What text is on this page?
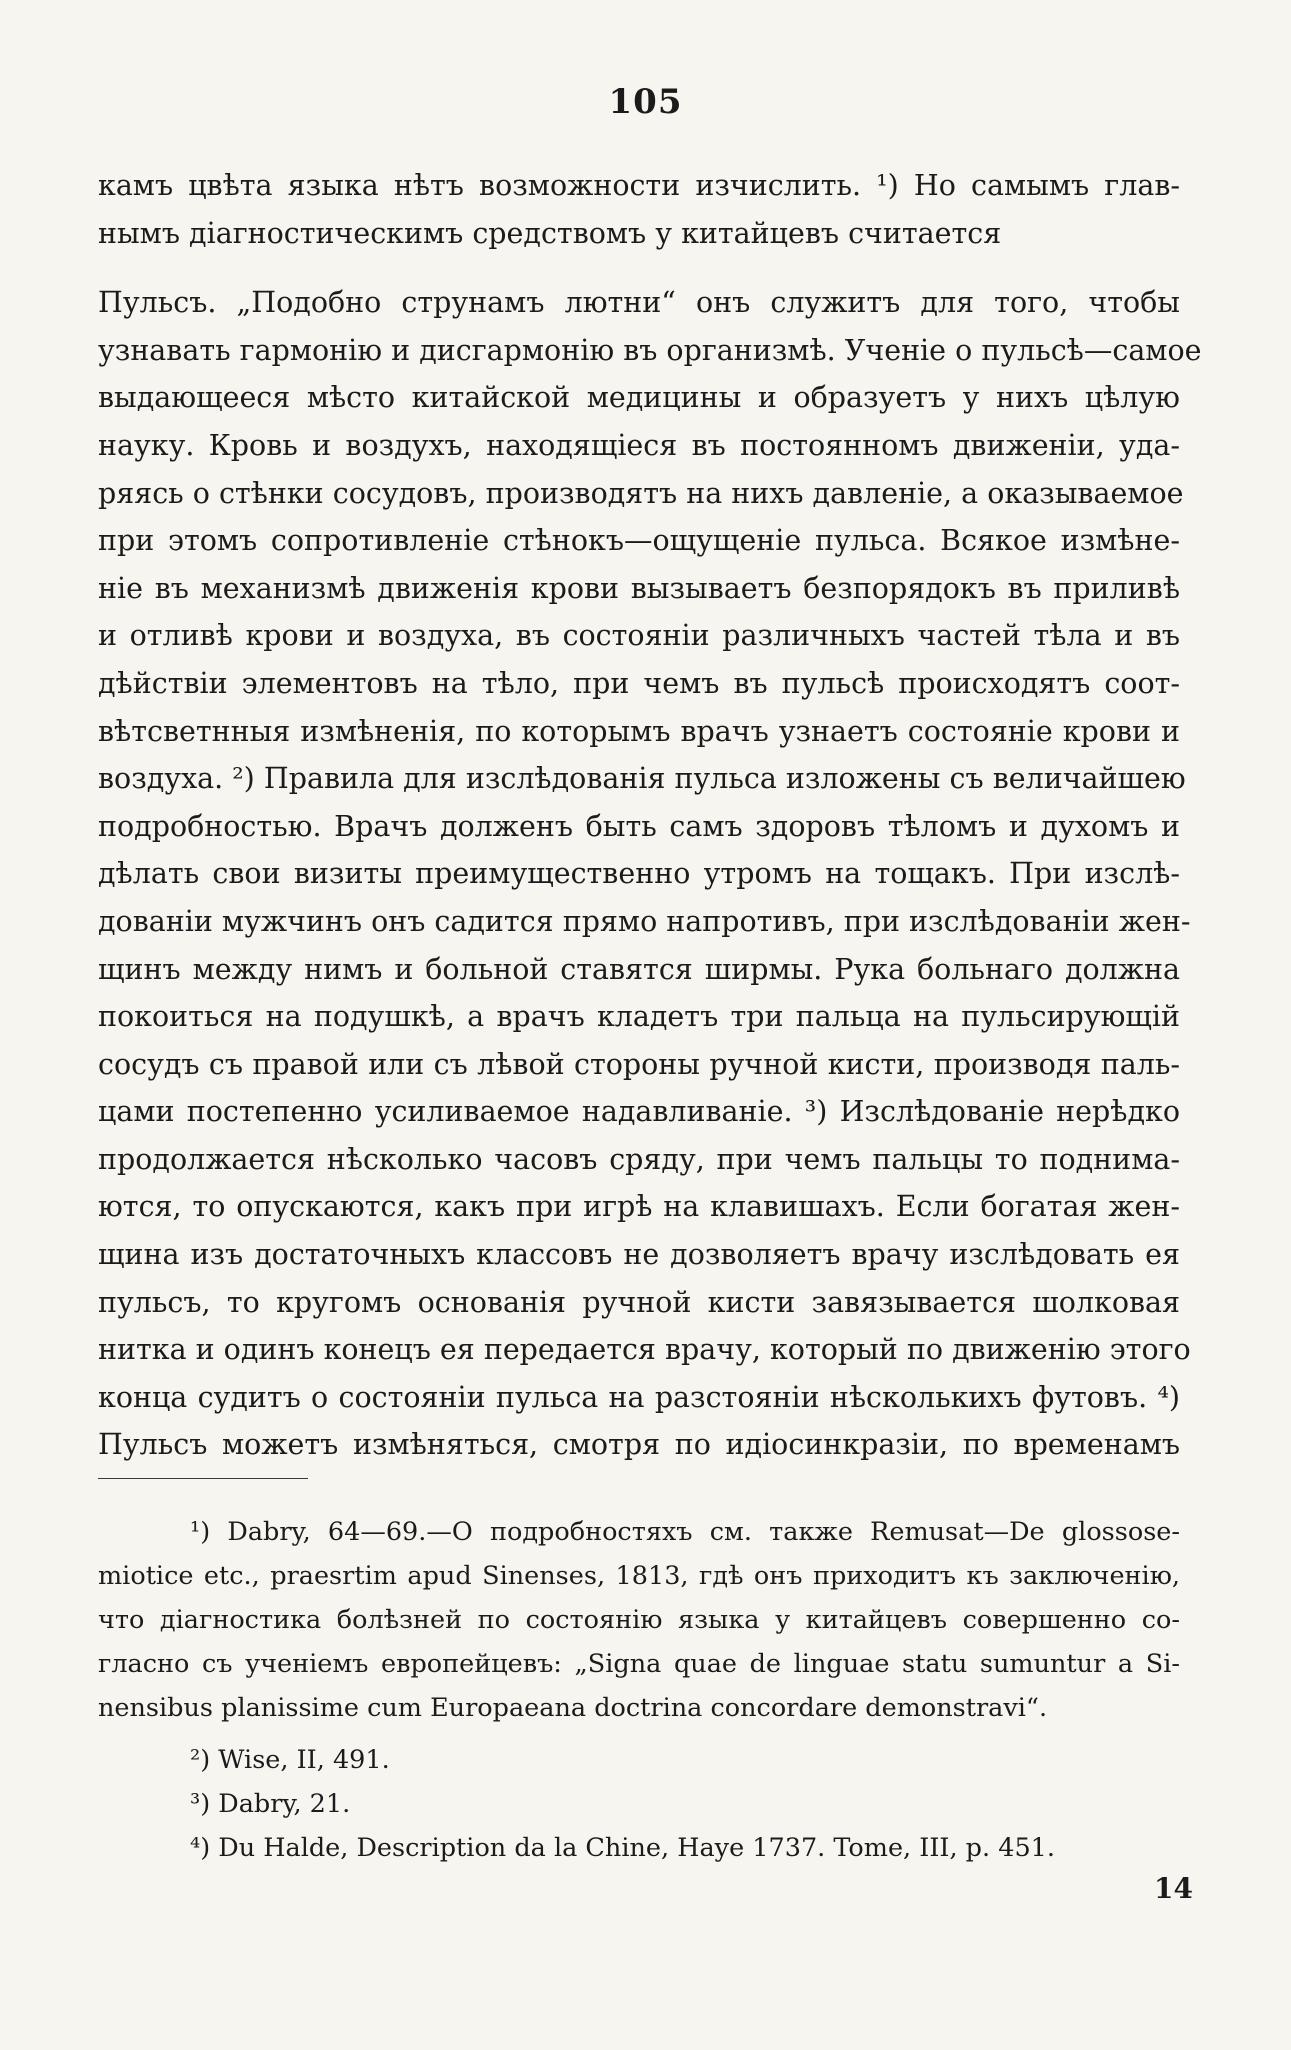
105
камъ цвѣта языка нѣтъ возможности изчислить. ¹) Но самымъ глав-
нымъ діагностическимъ средствомъ у китайцевъ считается
Пульсъ. „Подобно струнамъ лютни“ онъ служитъ для того, чтобы
узнавать гармонію и дисгармонію въ организмѣ. Ученіе о пульсѣ—самое
выдающееся мѣсто китайской медицины и образуетъ у нихъ цѣлую
науку. Кровь и воздухъ, находящіеся въ постоянномъ движеніи, уда-
ряясь о стѣнки сосудовъ, производятъ на нихъ давленіе, а оказываемое
при этомъ сопротивленіе стѣнокъ—ощущеніе пульса. Всякое измѣне-
ніе въ механизмѣ движенія крови вызываетъ безпорядокъ въ приливѣ
и отливѣ крови и воздуха, въ состояніи различныхъ частей тѣла и въ
дѣйствіи элементовъ на тѣло, при чемъ въ пульсѣ происходятъ соот-
вѣтсветнныя измѣненія, по которымъ врачъ узнаетъ состояніе крови и
воздуха. ²) Правила для изслѣдованія пульса изложены съ величайшею
подробностью. Врачъ долженъ быть самъ здоровъ тѣломъ и духомъ и
дѣлать свои визиты преимущественно утромъ на тощакъ. При изслѣ-
дованіи мужчинъ онъ садится прямо напротивъ, при изслѣдованіи жен-
щинъ между нимъ и больной ставятся ширмы. Рука больнаго должна
покоиться на подушкѣ, а врачъ кладетъ три пальца на пульсирующій
сосудъ съ правой или съ лѣвой стороны ручной кисти, производя паль-
цами постепенно усиливаемое надавливаніе. ³) Изслѣдованіе нерѣдко
продолжается нѣсколько часовъ сряду, при чемъ пальцы то поднима-
ются, то опускаются, какъ при игрѣ на клавишахъ. Если богатая жен-
щина изъ достаточныхъ классовъ не дозволяетъ врачу изслѣдовать ея
пульсъ, то кругомъ основанія ручной кисти завязывается шолковая
нитка и одинъ конецъ ея передается врачу, который по движенію этого
конца судитъ о состояніи пульса на разстояніи нѣсколькихъ футовъ. ⁴)
Пульсъ можетъ измѣняться, смотря по идіосинкразіи, по временамъ
¹) Dabry, 64—69.—О подробностяхъ см. также Remusat—De glossose-
miotice etc., praesrtim apud Sinenses, 1813, гдѣ онъ приходитъ къ заключенію,
что діагностика болѣзней по состоянію языка у китайцевъ совершенно со-
гласно съ ученіемъ европейцевъ: „Signa quae de linguae statu sumuntur a Si-
nensibus planissime cum Europaeana doctrina concordare demonstravi“.
²) Wise, II, 491.
³) Dabry, 21.
⁴) Du Halde, Description da la Chine, Haye 1737. Tome, III, p. 451.
14
